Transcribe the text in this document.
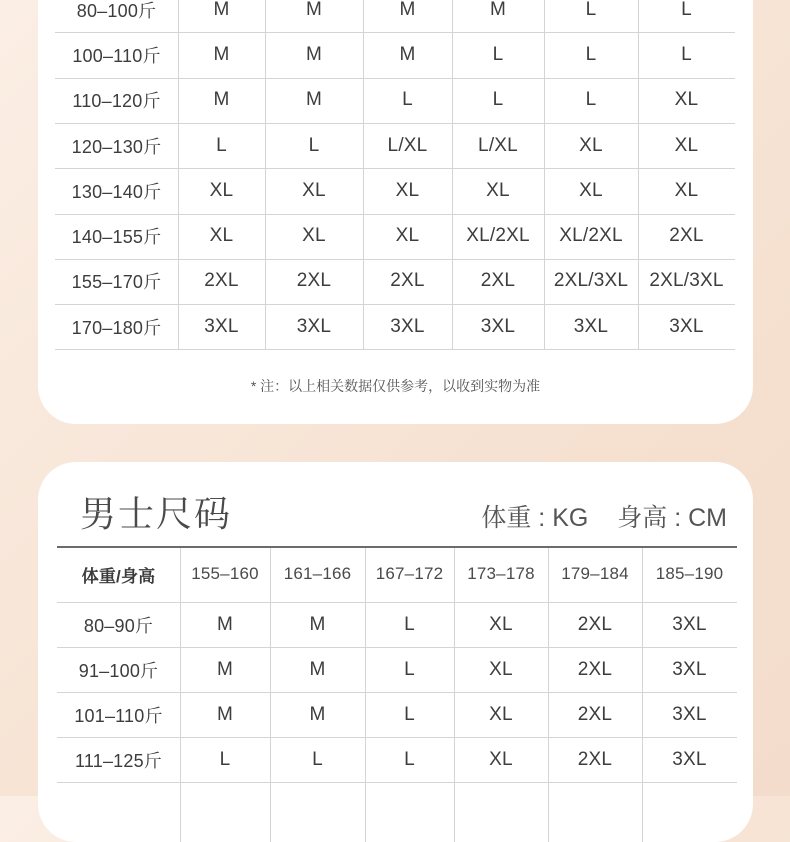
80–100斤	M	M	M	M	L	L
100–110斤	M	M	M	L	L	L
110–120斤	M	M	L	L	L	XL
120–130斤	L	L	L/XL	L/XL	XL	XL
130–140斤	XL	XL	XL	XL	XL	XL
140–155斤	XL	XL	XL	XL/2XL	XL/2XL	2XL
155–170斤	2XL	2XL	2XL	2XL	2XL/3XL	2XL/3XL
170–180斤	3XL	3XL	3XL	3XL	3XL	3XL
* 注：以上相关数据仅供参考，以收到实物为准
男士尺码	体重 : KG 身高 : CM
体重/身高	155–160	161–166	167–172	173–178	179–184	185–190
80–90斤	M	M	L	XL	2XL	3XL
91–100斤	M	M	L	XL	2XL	3XL
101–110斤	M	M	L	XL	2XL	3XL
111–125斤	L	L	L	XL	2XL	3XL
